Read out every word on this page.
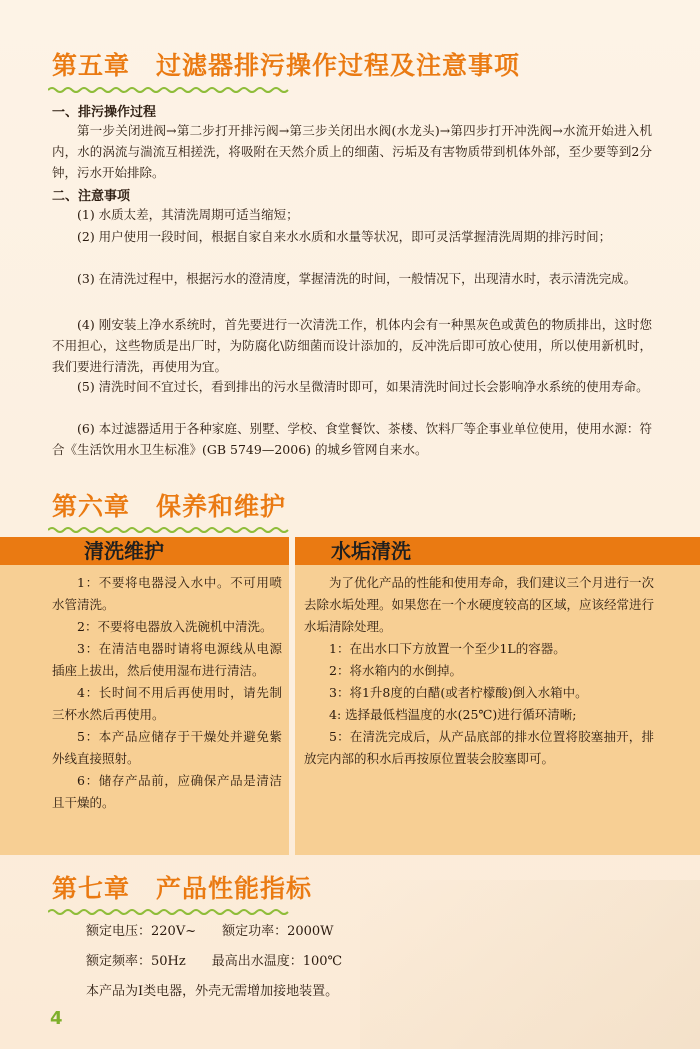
第五章　过滤器排污操作过程及注意事项
一、排污操作过程

第一步关闭进阀→第二步打开排污阀→第三步关闭出水阀(水龙头)→第四步打开冲洗阀→水流开始进入机内，水的涡流与湍流互相搓洗，将吸附在天然介质上的细菌、污垢及有害物质带到机体外部，至少要等到2分钟，污水开始排除。

二、注意事项

(1) 水质太差，其清洗周期可适当缩短；

(2) 用户使用一段时间，根据自家自来水水质和水量等状况，即可灵活掌握清洗周期的排污时间；

(3) 在清洗过程中，根据污水的澄清度，掌握清洗的时间，一般情况下，出现清水时，表示清洗完成。

(4) 刚安装上净水系统时，首先要进行一次清洗工作，机体内会有一种黑灰色或黄色的物质排出，这时您不用担心，这些物质是出厂时，为防腐化\防细菌而设计添加的，反冲洗后即可放心使用，所以使用新机时，我们要进行清洗，再使用为宜。

(5) 清洗时间不宜过长，看到排出的污水呈微清时即可，如果清洗时间过长会影响净水系统的使用寿命。

(6) 本过滤器适用于各种家庭、别墅、学校、食堂餐饮、茶楼、饮料厂等企事业单位使用，使用水源：符合《生活饮用水卫生标准》(GB 5749—2006) 的城乡管网自来水。

第六章　保养和维护
清洗维护	水垢清洗

1：不要将电器浸入水中。不可用喷水管清洗。

2：不要将电器放入洗碗机中清洗。

3：在清洁电器时请将电源线从电源插座上拔出，然后使用湿布进行清洁。

4：长时间不用后再使用时，请先制三杯水然后再使用。

5：本产品应储存于干燥处并避免紫外线直接照射。

6：储存产品前，应确保产品是清洁且干燥的。

为了优化产品的性能和使用寿命，我们建议三个月进行一次去除水垢处理。如果您在一个水硬度较高的区域，应该经常进行水垢清除处理。

1：在出水口下方放置一个至少1L的容器。

2：将水箱内的水倒掉。

3：将1升8度的白醋(或者柠檬酸)倒入水箱中。

4: 选择最低档温度的水(25℃)进行循环清晰;

5：在清洗完成后，从产品底部的排水位置将胶塞抽开，排放完内部的积水后再按原位置装会胶塞即可。

第七章　产品性能指标

额定电压：220V~　　额定功率：2000W

额定频率：50Hz　　最高出水温度：100℃

本产品为Ⅰ类电器，外壳无需增加接地装置。

4
